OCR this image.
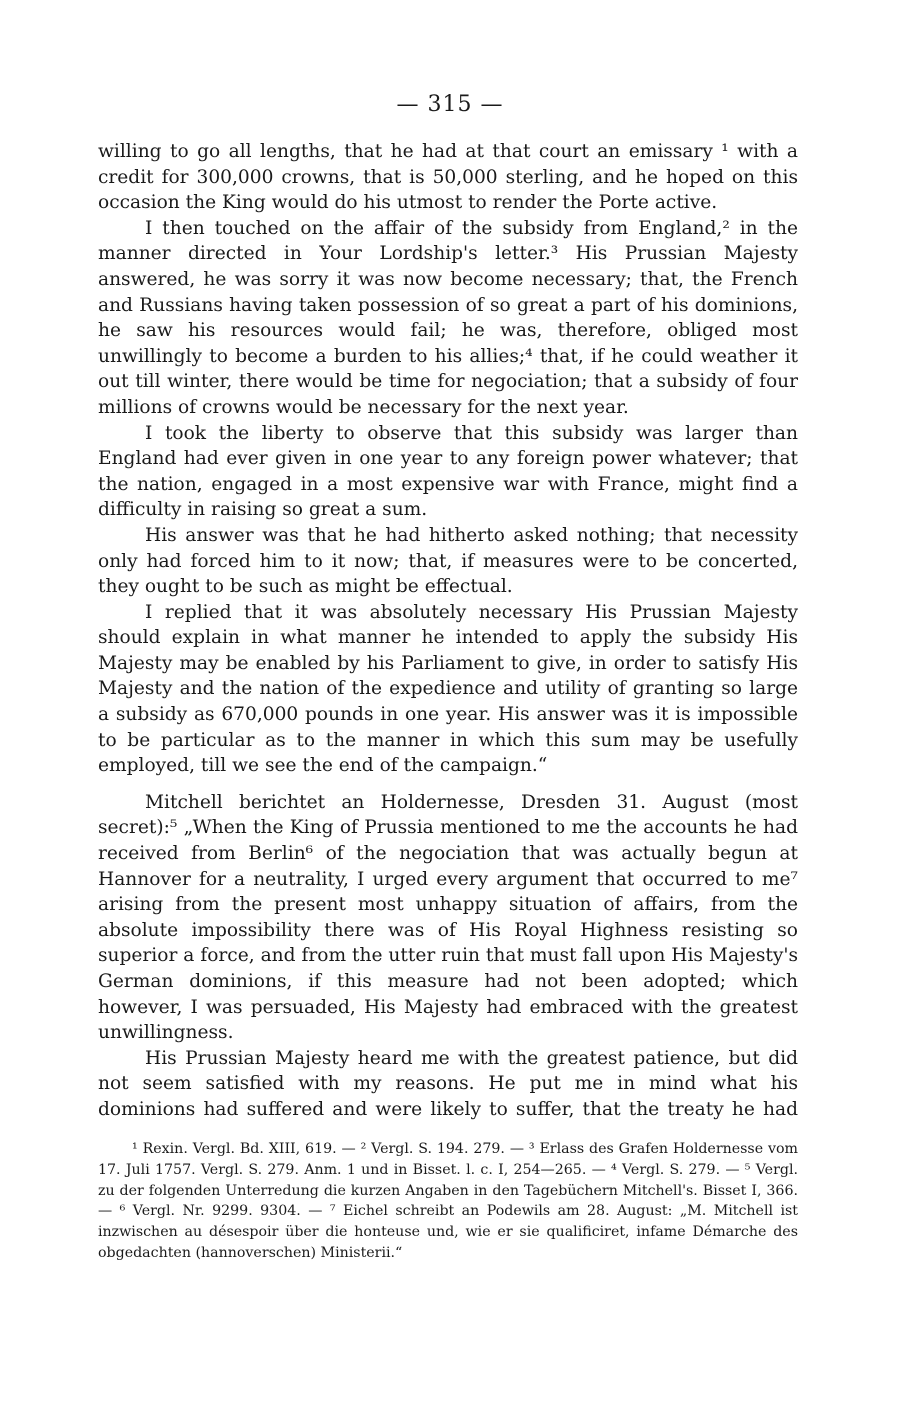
— 315 —

willing to go all lengths, that he had at that court an emissary ¹ with a credit for 300,000 crowns, that is 50,000 sterling, and he hoped on this occasion the King would do his utmost to render the Porte active.

I then touched on the affair of the subsidy from England,² in the manner directed in Your Lordship's letter.³ His Prussian Majesty answered, he was sorry it was now become necessary; that, the French and Russians having taken possession of so great a part of his dominions, he saw his resources would fail; he was, therefore, obliged most unwillingly to become a burden to his allies;⁴ that, if he could weather it out till winter, there would be time for negociation; that a subsidy of four millions of crowns would be necessary for the next year.

I took the liberty to observe that this subsidy was larger than England had ever given in one year to any foreign power whatever; that the nation, engaged in a most expensive war with France, might find a difficulty in raising so great a sum.

His answer was that he had hitherto asked nothing; that necessity only had forced him to it now; that, if measures were to be concerted, they ought to be such as might be effectual.

I replied that it was absolutely necessary His Prussian Majesty should explain in what manner he intended to apply the subsidy His Majesty may be enabled by his Parliament to give, in order to satisfy His Majesty and the nation of the expedience and utility of granting so large a subsidy as 670,000 pounds in one year. His answer was it is impossible to be particular as to the manner in which this sum may be usefully employed, till we see the end of the campaign.“

Mitchell berichtet an Holdernesse, Dresden 31. August (most secret):⁵ „When the King of Prussia mentioned to me the accounts he had received from Berlin⁶ of the negociation that was actually begun at Hannover for a neutrality, I urged every argument that occurred to me⁷ arising from the present most unhappy situation of affairs, from the absolute impossibility there was of His Royal Highness resisting so superior a force, and from the utter ruin that must fall upon His Majesty's German dominions, if this measure had not been adopted; which however, I was persuaded, His Majesty had embraced with the greatest unwillingness.

His Prussian Majesty heard me with the greatest patience, but did not seem satisfied with my reasons. He put me in mind what his dominions had suffered and were likely to suffer, that the treaty he had

¹ Rexin. Vergl. Bd. XIII, 619. — ² Vergl. S. 194. 279. — ³ Erlass des Grafen Holdernesse vom 17. Juli 1757. Vergl. S. 279. Anm. 1 und in Bisset. l. c. I, 254—265. — ⁴ Vergl. S. 279. — ⁵ Vergl. zu der folgenden Unterredung die kurzen Angaben in den Tagebüchern Mitchell's. Bisset I, 366. — ⁶ Vergl. Nr. 9299. 9304. — ⁷ Eichel schreibt an Podewils am 28. August: „M. Mitchell ist inzwischen au désespoir über die honteuse und, wie er sie qualificiret, infame Démarche des obgedachten (hannoverschen) Ministerii.“
